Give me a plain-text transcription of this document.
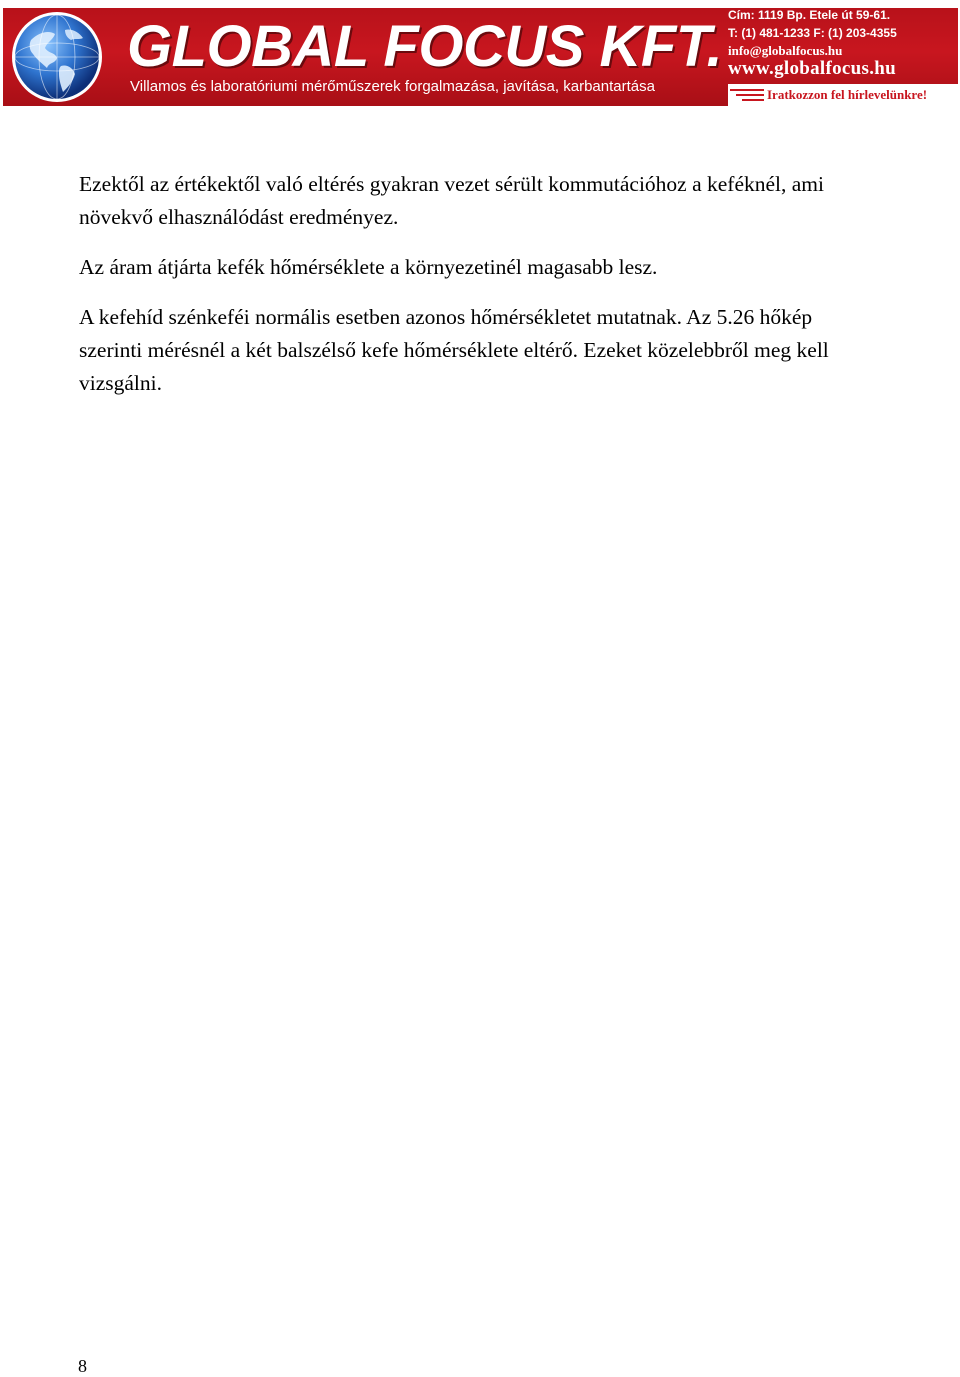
GLOBAL FOCUS KFT.
Villamos és laboratóriumi mérőműszerek forgalmazása, javítása, karbantartása
Cím: 1119 Bp. Etele út 59-61.
T: (1) 481-1233 F: (1) 203-4355
info@globalfocus.hu
www.globalfocus.hu
Iratkozzon fel hírlevelünkre!

Ezektől az értékektől való eltérés gyakran vezet sérült kommutációhoz a keféknél, ami növekvő elhasználódást eredményez.

Az áram átjárta kefék hőmérséklete a környezetinél magasabb lesz.

A kefehíd szénkeféi normális esetben azonos hőmérsékletet mutatnak. Az 5.26 hőkép szerinti mérésnél a két balszélső kefe hőmérséklete eltérő. Ezeket közelebbről meg kell vizsgálni.

8
